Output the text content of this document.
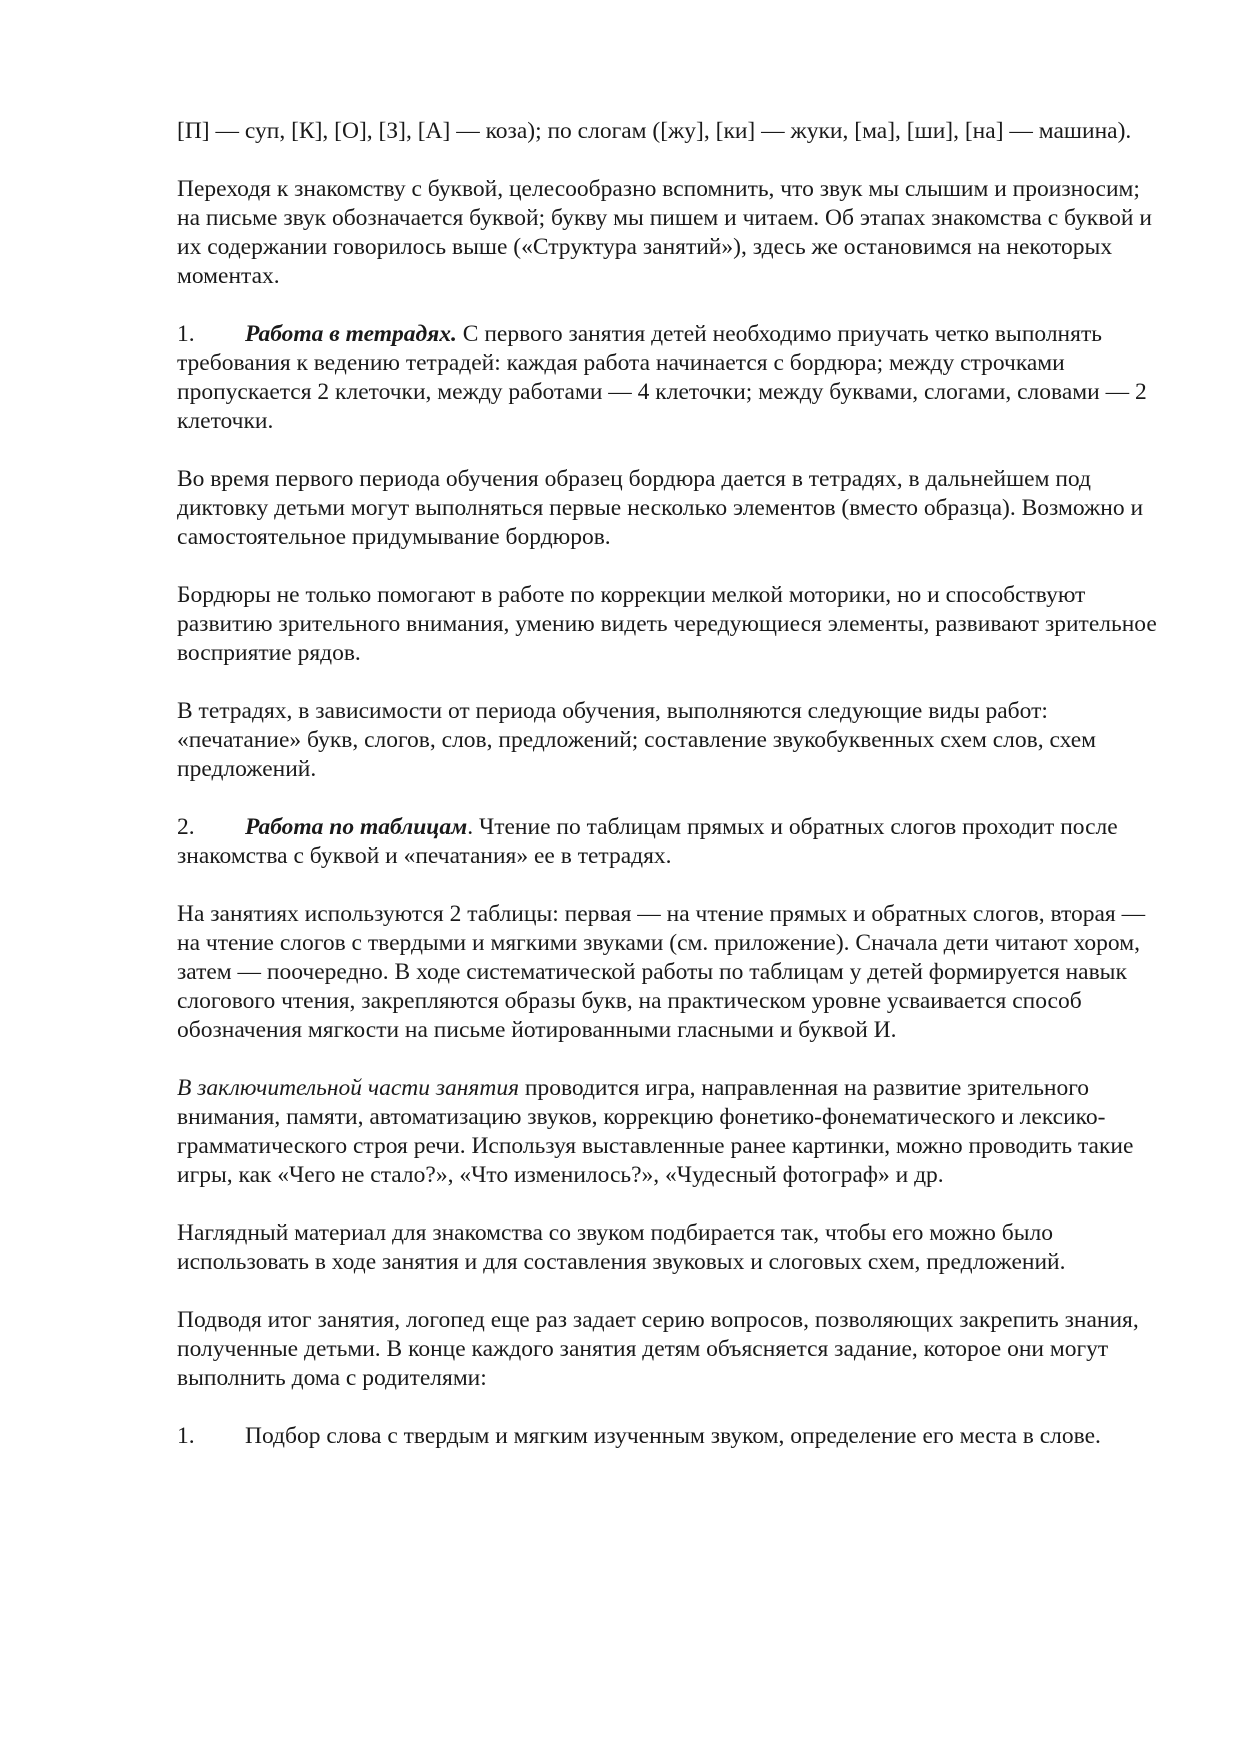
[П] — суп, [К], [О], [З], [А] — коза); по слогам ([жу], [ки] — жуки, [ма], [ши], [на] — машина).

Переходя к знакомству с буквой, целесообразно вспомнить, что звук мы слышим и произносим; на письме звук обозначается буквой; букву мы пишем и читаем. Об этапах знакомства с буквой и их содержании говорилось выше («Структура занятий»), здесь же остановимся на некоторых моментах.

1. Работа в тетрадях. С первого занятия детей необходимо приучать четко выполнять требования к ведению тетрадей: каждая работа начинается с бордюра; между строчками пропускается 2 клеточки, между работами — 4 клеточки; между буквами, слогами, словами — 2 клеточки.

Во время первого периода обучения образец бордюра дается в тетрадях, в дальнейшем под диктовку детьми могут выполняться первые несколько элементов (вместо образца). Возможно и самостоятельное придумывание бордюров.

Бордюры не только помогают в работе по коррекции мелкой моторики, но и способствуют развитию зрительного внимания, умению видеть чередующиеся элементы, развивают зрительное восприятие рядов.

В тетрадях, в зависимости от периода обучения, выполняются следующие виды работ: «печатание» букв, слогов, слов, предложений; составление звукобуквенных схем слов, схем предложений.

2. Работа по таблицам. Чтение по таблицам прямых и обратных слогов проходит после знакомства с буквой и «печатания» ее в тетрадях.

На занятиях используются 2 таблицы: первая — на чтение прямых и обратных слогов, вторая — на чтение слогов с твердыми и мягкими звуками (см. приложение). Сначала дети читают хором, затем — поочередно. В ходе систематической работы по таблицам у детей формируется навык слогового чтения, закрепляются образы букв, на практическом уровне усваивается способ обозначения мягкости на письме йотированными гласными и буквой И.

В заключительной части занятия проводится игра, направленная на развитие зрительного внимания, памяти, автоматизацию звуков, коррекцию фонетико-фонематического и лексико-грамматического строя речи. Используя выставленные ранее картинки, можно проводить такие игры, как «Чего не стало?», «Что изменилось?», «Чудесный фотограф» и др.

Наглядный материал для знакомства со звуком подбирается так, чтобы его можно было использовать в ходе занятия и для составления звуковых и слоговых схем, предложений.

Подводя итог занятия, логопед еще раз задает серию вопросов, позволяющих закрепить знания, полученные детьми. В конце каждого занятия детям объясняется задание, которое они могут выполнить дома с родителями:

1. Подбор слова с твердым и мягким изученным звуком, определение его места в слове.
